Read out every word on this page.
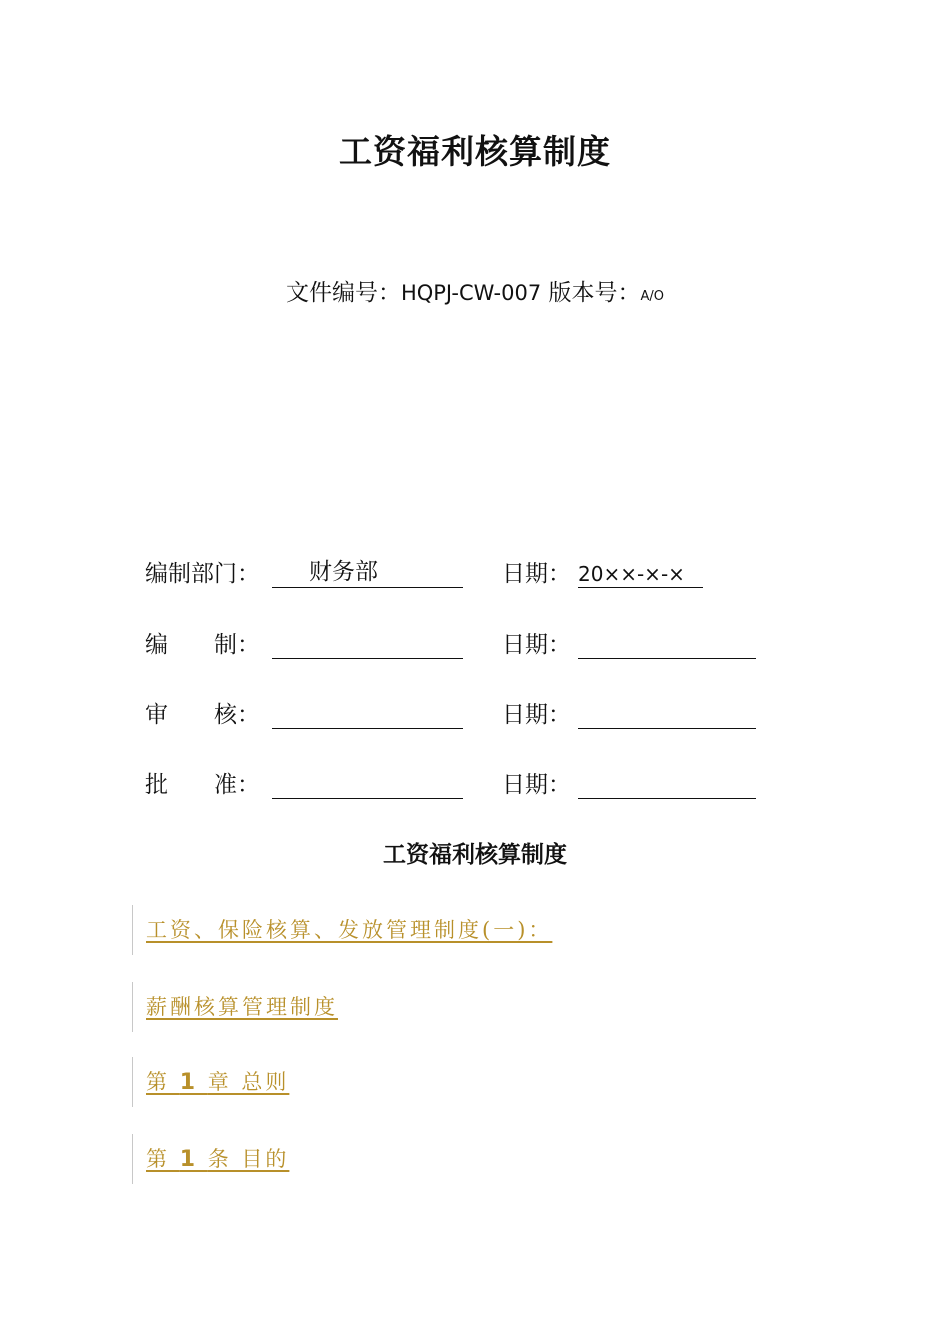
工资福利核算制度
文件编号：HQPJ-CW-007 版本号：A/O
编制部门： 财务部	日期： 20××-×-×
编　　制：	日期：
审　　核：	日期：
批　　准：	日期：
工资福利核算制度
工资、保险核算、发放管理制度(一)：
薪酬核算管理制度
第 1 章 总则
第 1 条 目的
